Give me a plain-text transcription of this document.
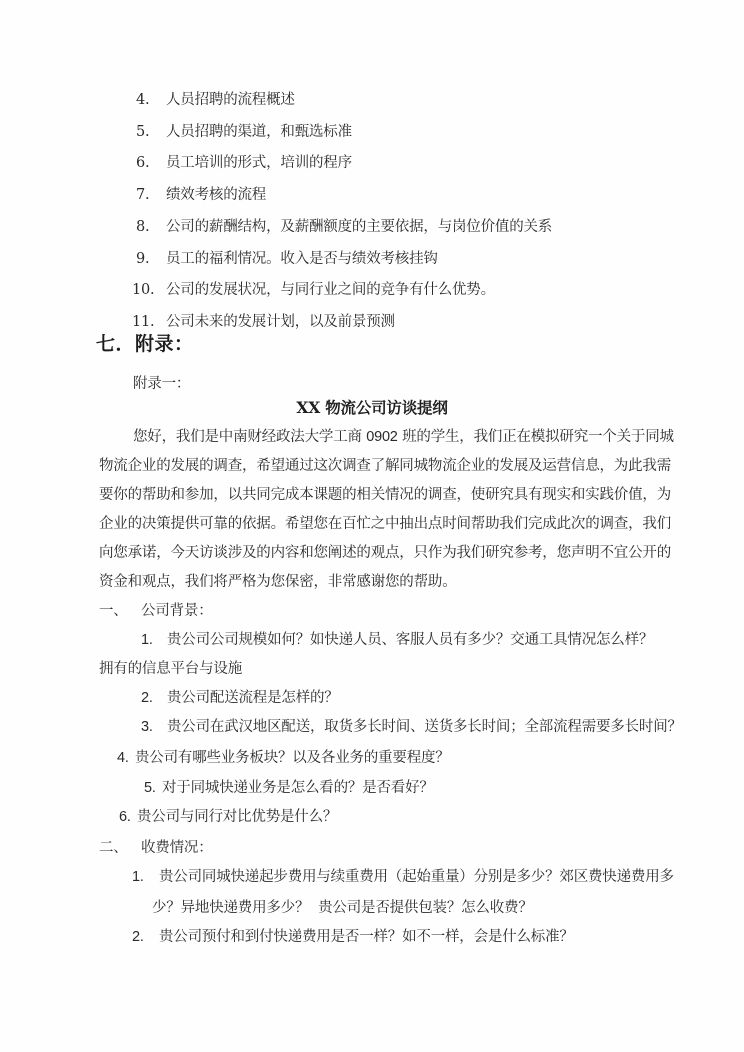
4. 人员招聘的流程概述
5. 人员招聘的渠道，和甄选标准
6. 员工培训的形式，培训的程序
7. 绩效考核的流程
8. 公司的薪酬结构，及薪酬额度的主要依据，与岗位价值的关系
9. 员工的福利情况。收入是否与绩效考核挂钩
10. 公司的发展状况，与同行业之间的竞争有什么优势。
11. 公司未来的发展计划，以及前景预测
七．附录：
附录一：
XX 物流公司访谈提纲
您好，我们是中南财经政法大学工商 0902 班的学生，我们正在模拟研究一个关于同城
物流企业的发展的调查，希望通过这次调查了解同城物流企业的发展及运营信息，为此我需
要你的帮助和参加，以共同完成本课题的相关情况的调查，使研究具有现实和实践价值，为
企业的决策提供可靠的依据。希望您在百忙之中抽出点时间帮助我们完成此次的调查，我们
向您承诺，今天访谈涉及的内容和您阐述的观点，只作为我们研究参考，您声明不宜公开的
资金和观点，我们将严格为您保密，非常感谢您的帮助。
一、 公司背景：
1. 贵公司公司规模如何？如快递人员、客服人员有多少？交通工具情况怎么样？
拥有的信息平台与设施
2. 贵公司配送流程是怎样的？
3. 贵公司在武汉地区配送，取货多长时间、送货多长时间；全部流程需要多长时间？
4. 贵公司有哪些业务板块？以及各业务的重要程度？
5. 对于同城快递业务是怎么看的？是否看好？
6. 贵公司与同行对比优势是什么？
二、 收费情况：
1. 贵公司同城快递起步费用与续重费用（起始重量）分别是多少？郊区费快递费用多
少？异地快递费用多少？  贵公司是否提供包装？怎么收费？
2. 贵公司预付和到付快递费用是否一样？如不一样，会是什么标准？
